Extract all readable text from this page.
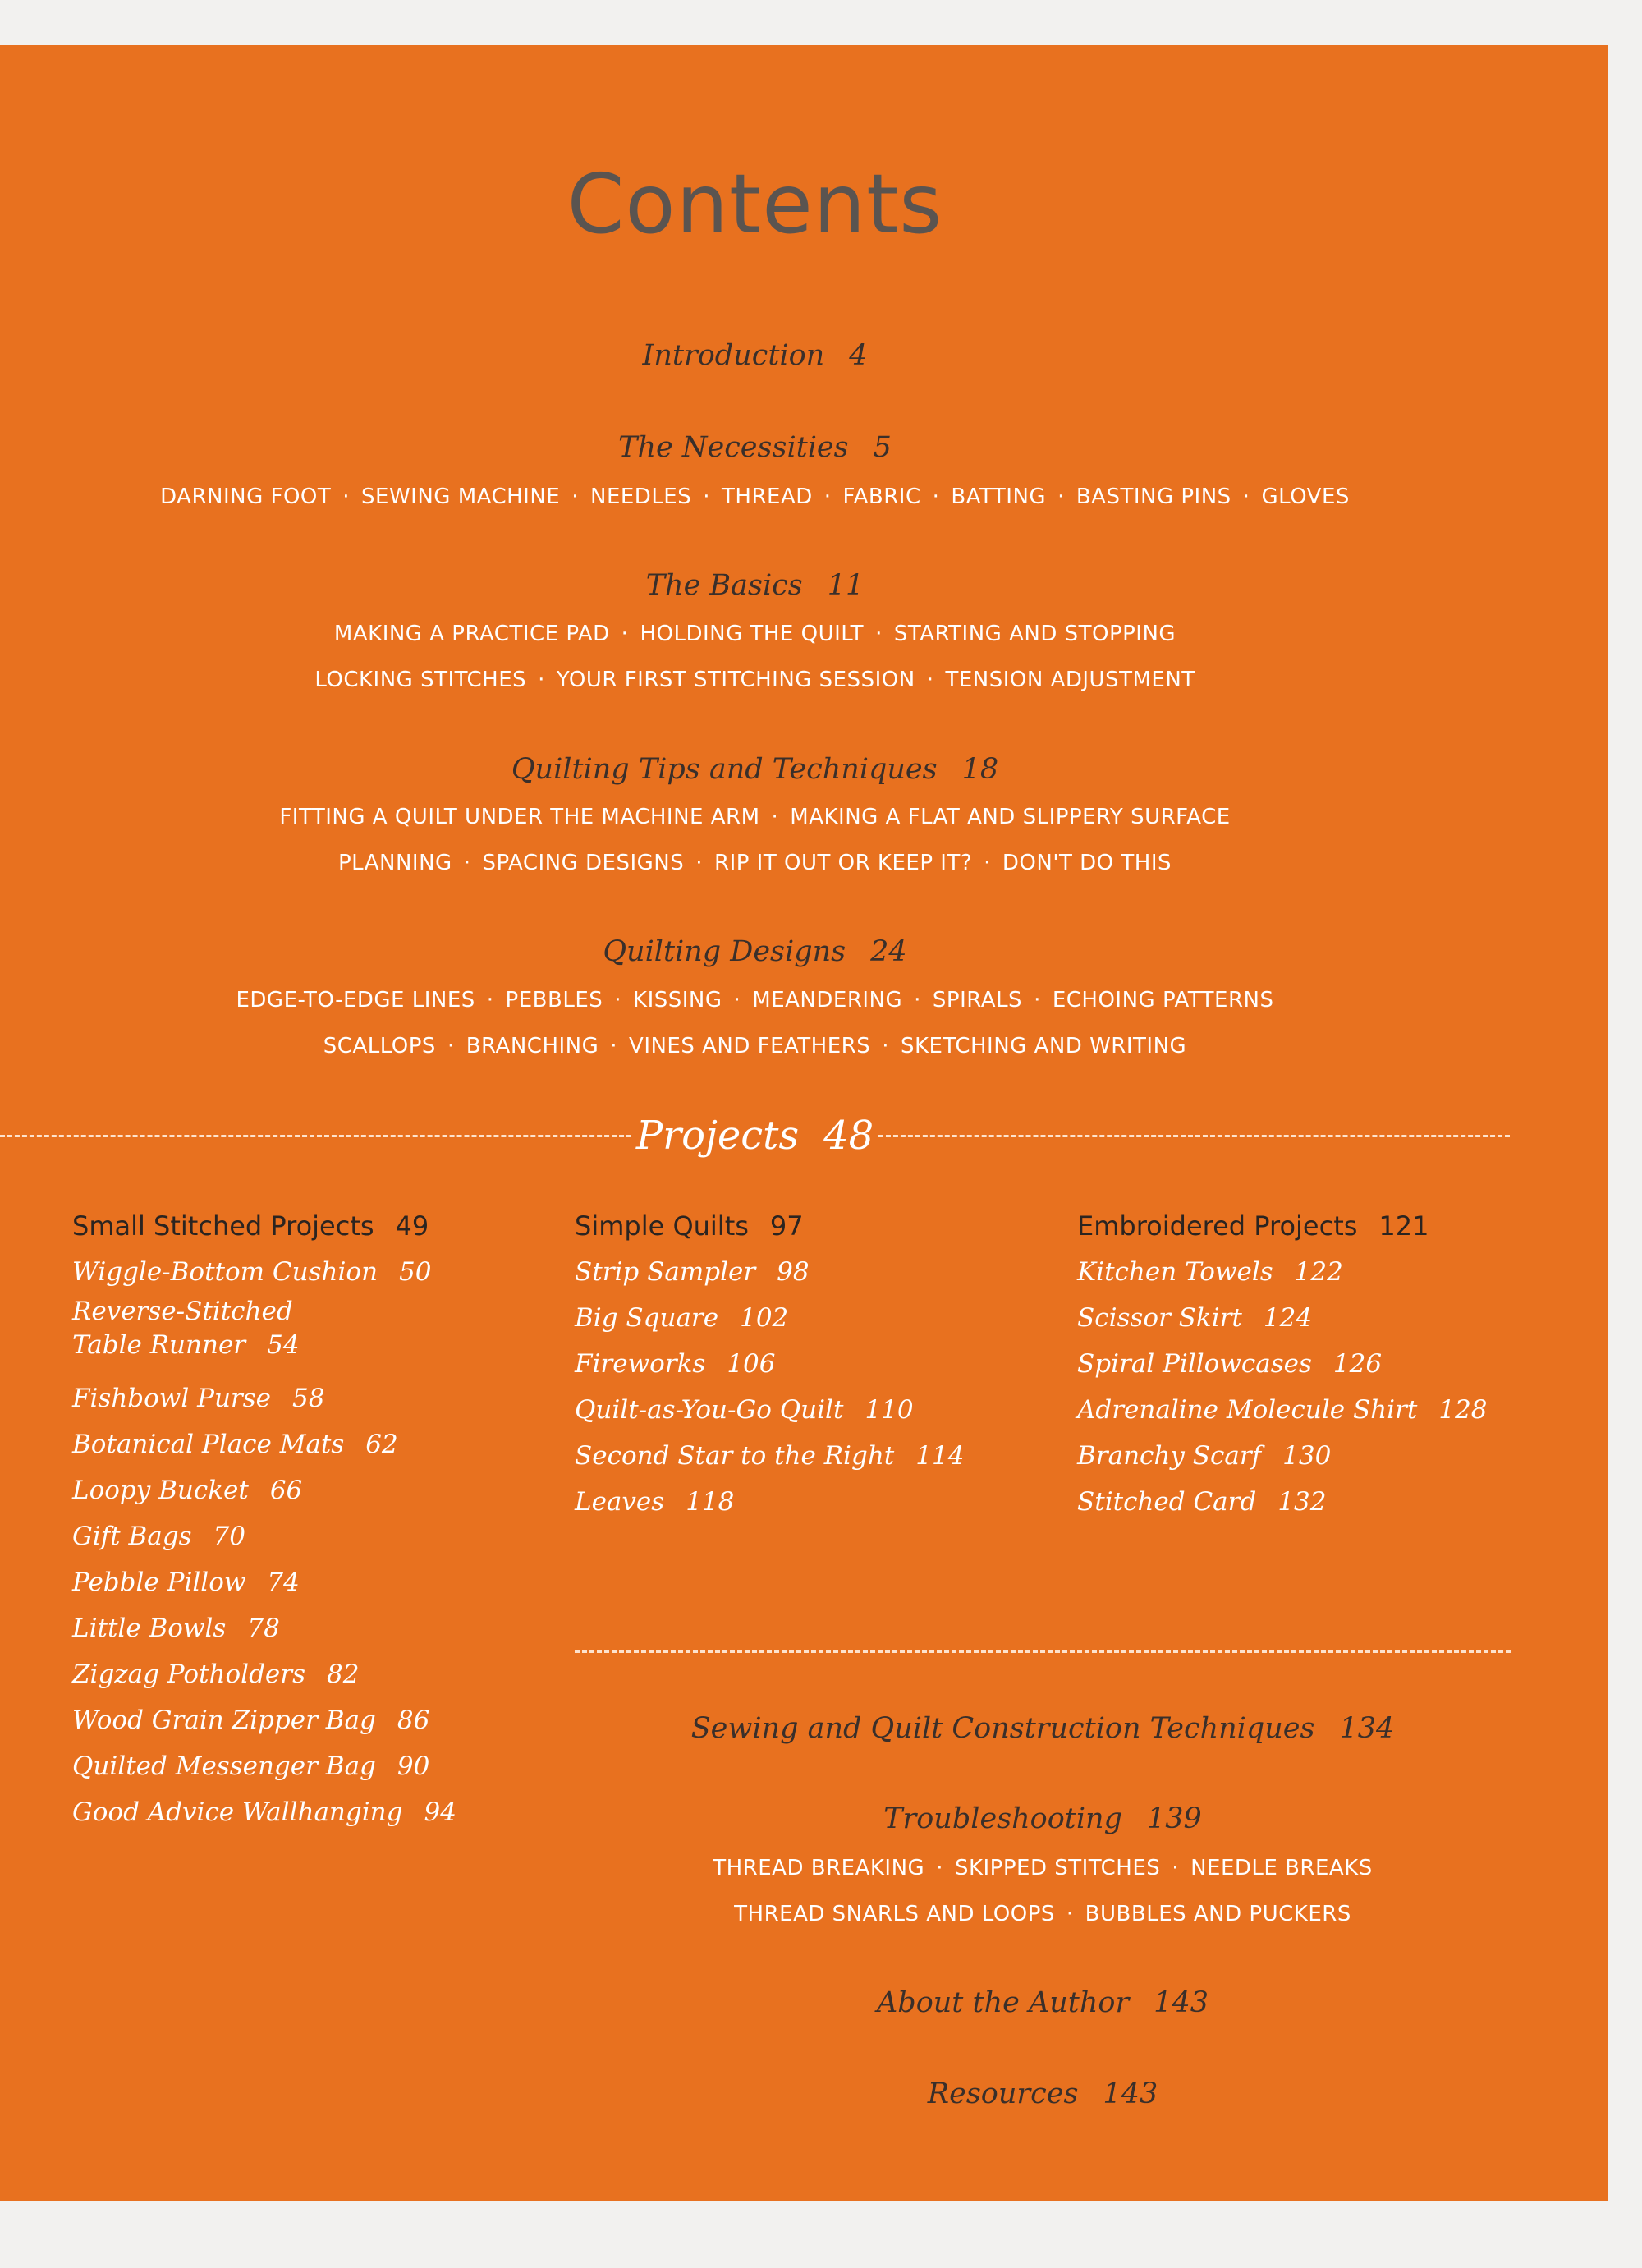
Contents
Introduction 4
The Necessities 5
DARNING FOOT · SEWING MACHINE · NEEDLES · THREAD · FABRIC · BATTING · BASTING PINS · GLOVES
The Basics 11
MAKING A PRACTICE PAD · HOLDING THE QUILT · STARTING AND STOPPING
LOCKING STITCHES · YOUR FIRST STITCHING SESSION · TENSION ADJUSTMENT
Quilting Tips and Techniques 18
FITTING A QUILT UNDER THE MACHINE ARM · MAKING A FLAT AND SLIPPERY SURFACE
PLANNING · SPACING DESIGNS · RIP IT OUT OR KEEP IT? · DON'T DO THIS
Quilting Designs 24
EDGE-TO-EDGE LINES · PEBBLES · KISSING · MEANDERING · SPIRALS · ECHOING PATTERNS
SCALLOPS · BRANCHING · VINES AND FEATHERS · SKETCHING AND WRITING
Projects 48
Small Stitched Projects 49
Wiggle-Bottom Cushion 50
Reverse-Stitched
Table Runner 54
Fishbowl Purse 58
Botanical Place Mats 62
Loopy Bucket 66
Gift Bags 70
Pebble Pillow 74
Little Bowls 78
Zigzag Potholders 82
Wood Grain Zipper Bag 86
Quilted Messenger Bag 90
Good Advice Wallhanging 94
Simple Quilts 97
Strip Sampler 98
Big Square 102
Fireworks 106
Quilt-as-You-Go Quilt 110
Second Star to the Right 114
Leaves 118
Embroidered Projects 121
Kitchen Towels 122
Scissor Skirt 124
Spiral Pillowcases 126
Adrenaline Molecule Shirt 128
Branchy Scarf 130
Stitched Card 132
Sewing and Quilt Construction Techniques 134
Troubleshooting 139
THREAD BREAKING · SKIPPED STITCHES · NEEDLE BREAKS
THREAD SNARLS AND LOOPS · BUBBLES AND PUCKERS
About the Author 143
Resources 143
